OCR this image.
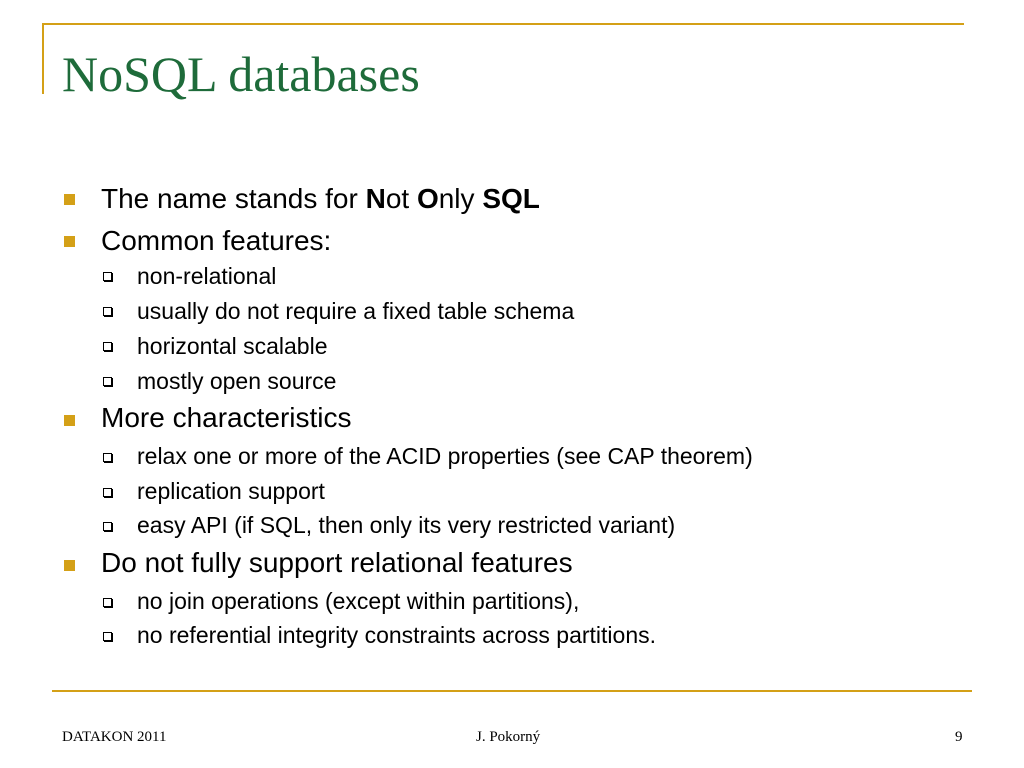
NoSQL databases
The name stands for Not Only SQL
Common features:
non-relational
usually do not require a fixed table schema
horizontal scalable
mostly open source
More characteristics
relax one or more of the ACID properties (see CAP theorem)
replication support
easy API (if SQL, then only its very restricted variant)
Do not fully support relational features
no join operations (except within partitions),
no referential integrity constraints across partitions.
DATAKON 2011	J. Pokorný	9
